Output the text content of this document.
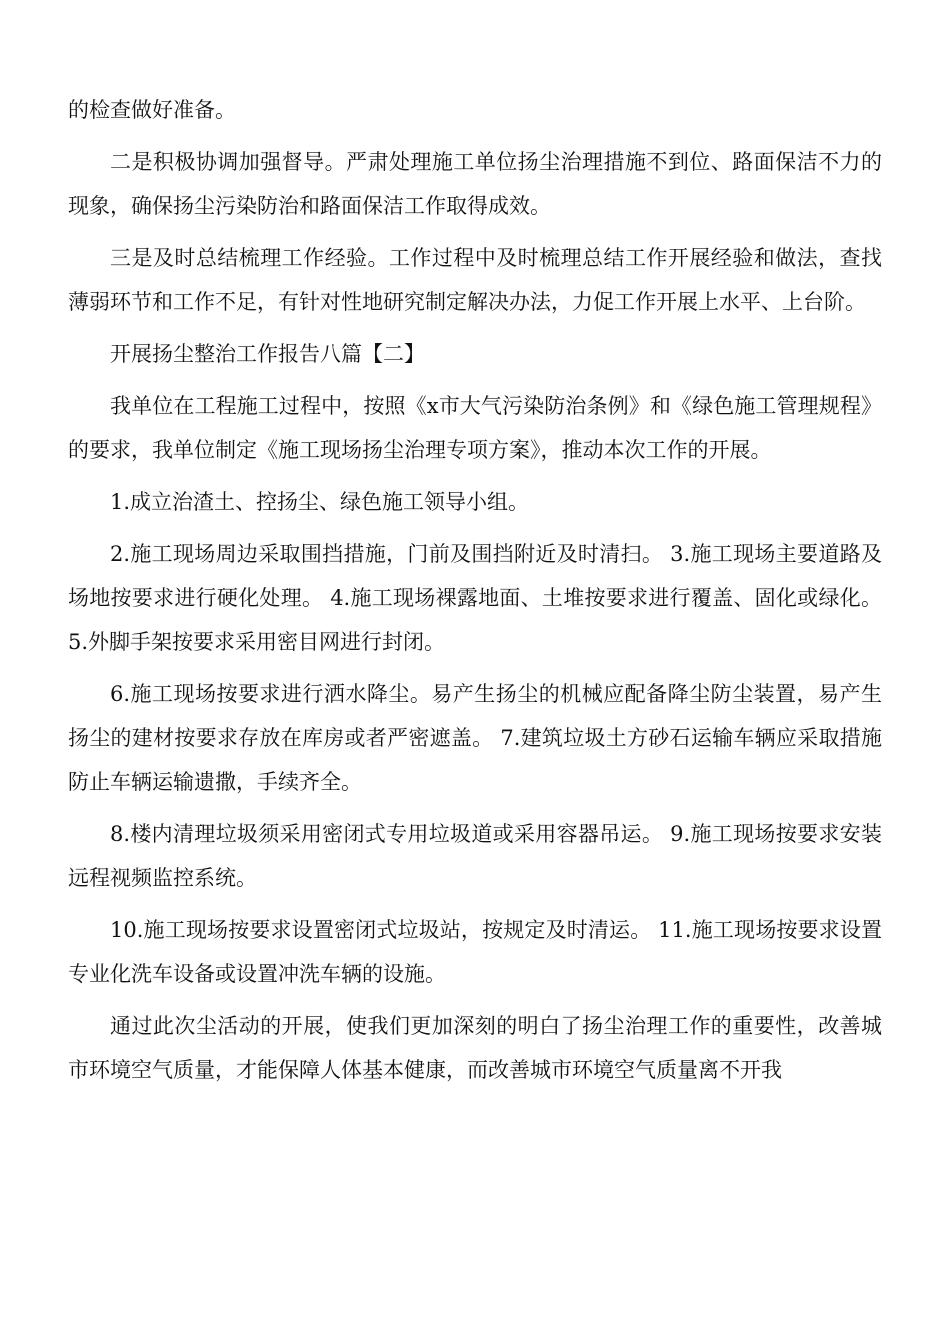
的检查做好准备。

二是积极协调加强督导。严肃处理施工单位扬尘治理措施不到位、路面保洁不力的现象，确保扬尘污染防治和路面保洁工作取得成效。

三是及时总结梳理工作经验。工作过程中及时梳理总结工作开展经验和做法，查找薄弱环节和工作不足，有针对性地研究制定解决办法，力促工作开展上水平、上台阶。

开展扬尘整治工作报告八篇【二】

我单位在工程施工过程中，按照《x市大气污染防治条例》和《绿色施工管理规程》的要求，我单位制定《施工现场扬尘治理专项方案》，推动本次工作的开展。

1.成立治渣土、控扬尘、绿色施工领导小组。

2.施工现场周边采取围挡措施，门前及围挡附近及时清扫。 3.施工现场主要道路及场地按要求进行硬化处理。 4.施工现场裸露地面、土堆按要求进行覆盖、固化或绿化。 5.外脚手架按要求采用密目网进行封闭。

6.施工现场按要求进行洒水降尘。易产生扬尘的机械应配备降尘防尘装置，易产生扬尘的建材按要求存放在库房或者严密遮盖。 7.建筑垃圾土方砂石运输车辆应采取措施防止车辆运输遗撒，手续齐全。

8.楼内清理垃圾须采用密闭式专用垃圾道或采用容器吊运。 9.施工现场按要求安装远程视频监控系统。

10.施工现场按要求设置密闭式垃圾站，按规定及时清运。 11.施工现场按要求设置专业化洗车设备或设置冲洗车辆的设施。

通过此次尘活动的开展，使我们更加深刻的明白了扬尘治理工作的重要性，改善城市环境空气质量，才能保障人体基本健康，而改善城市环境空气质量离不开我
